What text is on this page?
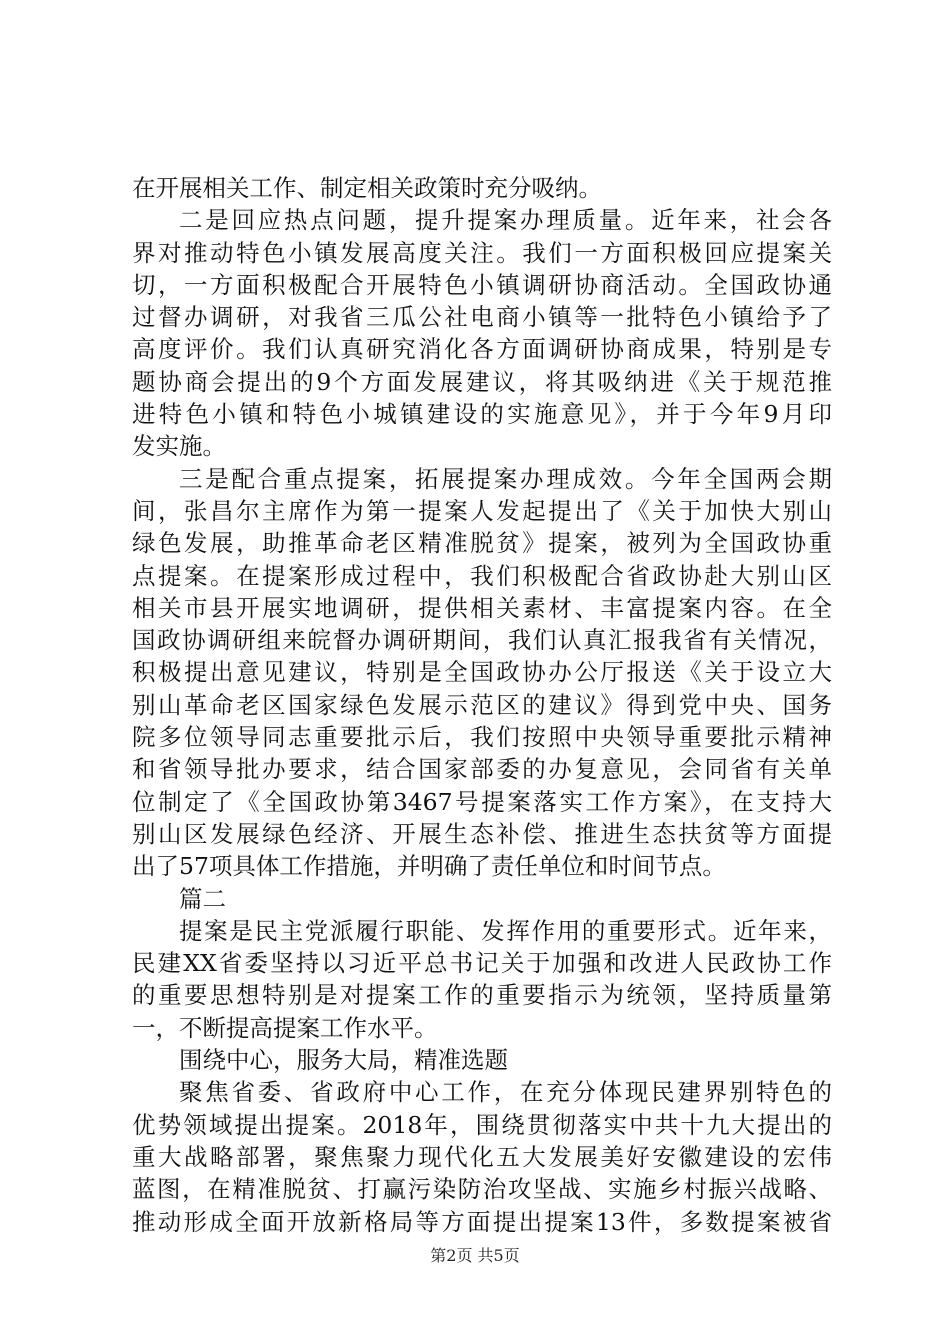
在开展相关工作、制定相关政策时充分吸纳。
二是回应热点问题，提升提案办理质量。近年来，社会各
界对推动特色小镇发展高度关注。我们一方面积极回应提案关
切，一方面积极配合开展特色小镇调研协商活动。全国政协通
过督办调研，对我省三瓜公社电商小镇等一批特色小镇给予了
高度评价。我们认真研究消化各方面调研协商成果，特别是专
题协商会提出的9个方面发展建议，将其吸纳进《关于规范推
进特色小镇和特色小城镇建设的实施意见》，并于今年9月印
发实施。
三是配合重点提案，拓展提案办理成效。今年全国两会期
间，张昌尔主席作为第一提案人发起提出了《关于加快大别山
绿色发展，助推革命老区精准脱贫》提案，被列为全国政协重
点提案。在提案形成过程中，我们积极配合省政协赴大别山区
相关市县开展实地调研，提供相关素材、丰富提案内容。在全
国政协调研组来皖督办调研期间，我们认真汇报我省有关情况，
积极提出意见建议，特别是全国政协办公厅报送《关于设立大
别山革命老区国家绿色发展示范区的建议》得到党中央、国务
院多位领导同志重要批示后，我们按照中央领导重要批示精神
和省领导批办要求，结合国家部委的办复意见，会同省有关单
位制定了《全国政协第3467号提案落实工作方案》，在支持大
别山区发展绿色经济、开展生态补偿、推进生态扶贫等方面提
出了57项具体工作措施，并明确了责任单位和时间节点。
篇二
提案是民主党派履行职能、发挥作用的重要形式。近年来，
民建XX省委坚持以习近平总书记关于加强和改进人民政协工作
的重要思想特别是对提案工作的重要指示为统领，坚持质量第
一，不断提高提案工作水平。
围绕中心，服务大局，精准选题
聚焦省委、省政府中心工作，在充分体现民建界别特色的
优势领域提出提案。2018年，围绕贯彻落实中共十九大提出的
重大战略部署，聚焦聚力现代化五大发展美好安徽建设的宏伟
蓝图，在精准脱贫、打赢污染防治攻坚战、实施乡村振兴战略、
推动形成全面开放新格局等方面提出提案13件，多数提案被省
第2页 共5页
